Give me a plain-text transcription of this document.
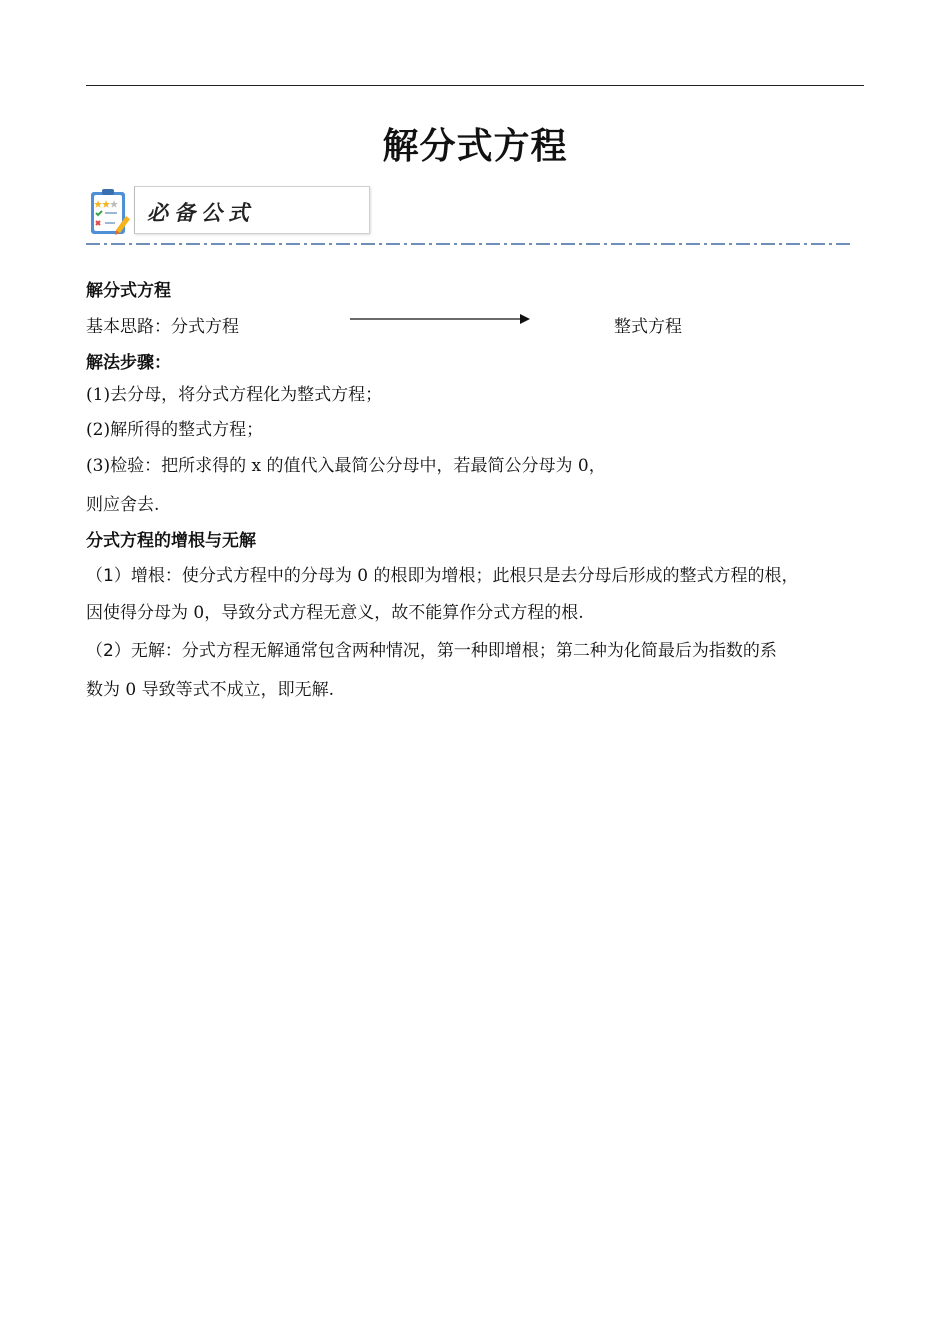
解分式方程
必备公式
解分式方程
基本思路：分式方程	整式方程
解法步骤：
(1)去分母，将分式方程化为整式方程；
(2)解所得的整式方程；
(3)检验：把所求得的 x 的值代入最简公分母中，若最简公分母为 0，
则应舍去.
分式方程的增根与无解
（1）增根：使分式方程中的分母为 0 的根即为增根；此根只是去分母后形成的整式方程的根，
因使得分母为 0，导致分式方程无意义，故不能算作分式方程的根.
（2）无解：分式方程无解通常包含两种情况，第一种即增根；第二种为化简最后为指数的系
数为 0 导致等式不成立，即无解.
